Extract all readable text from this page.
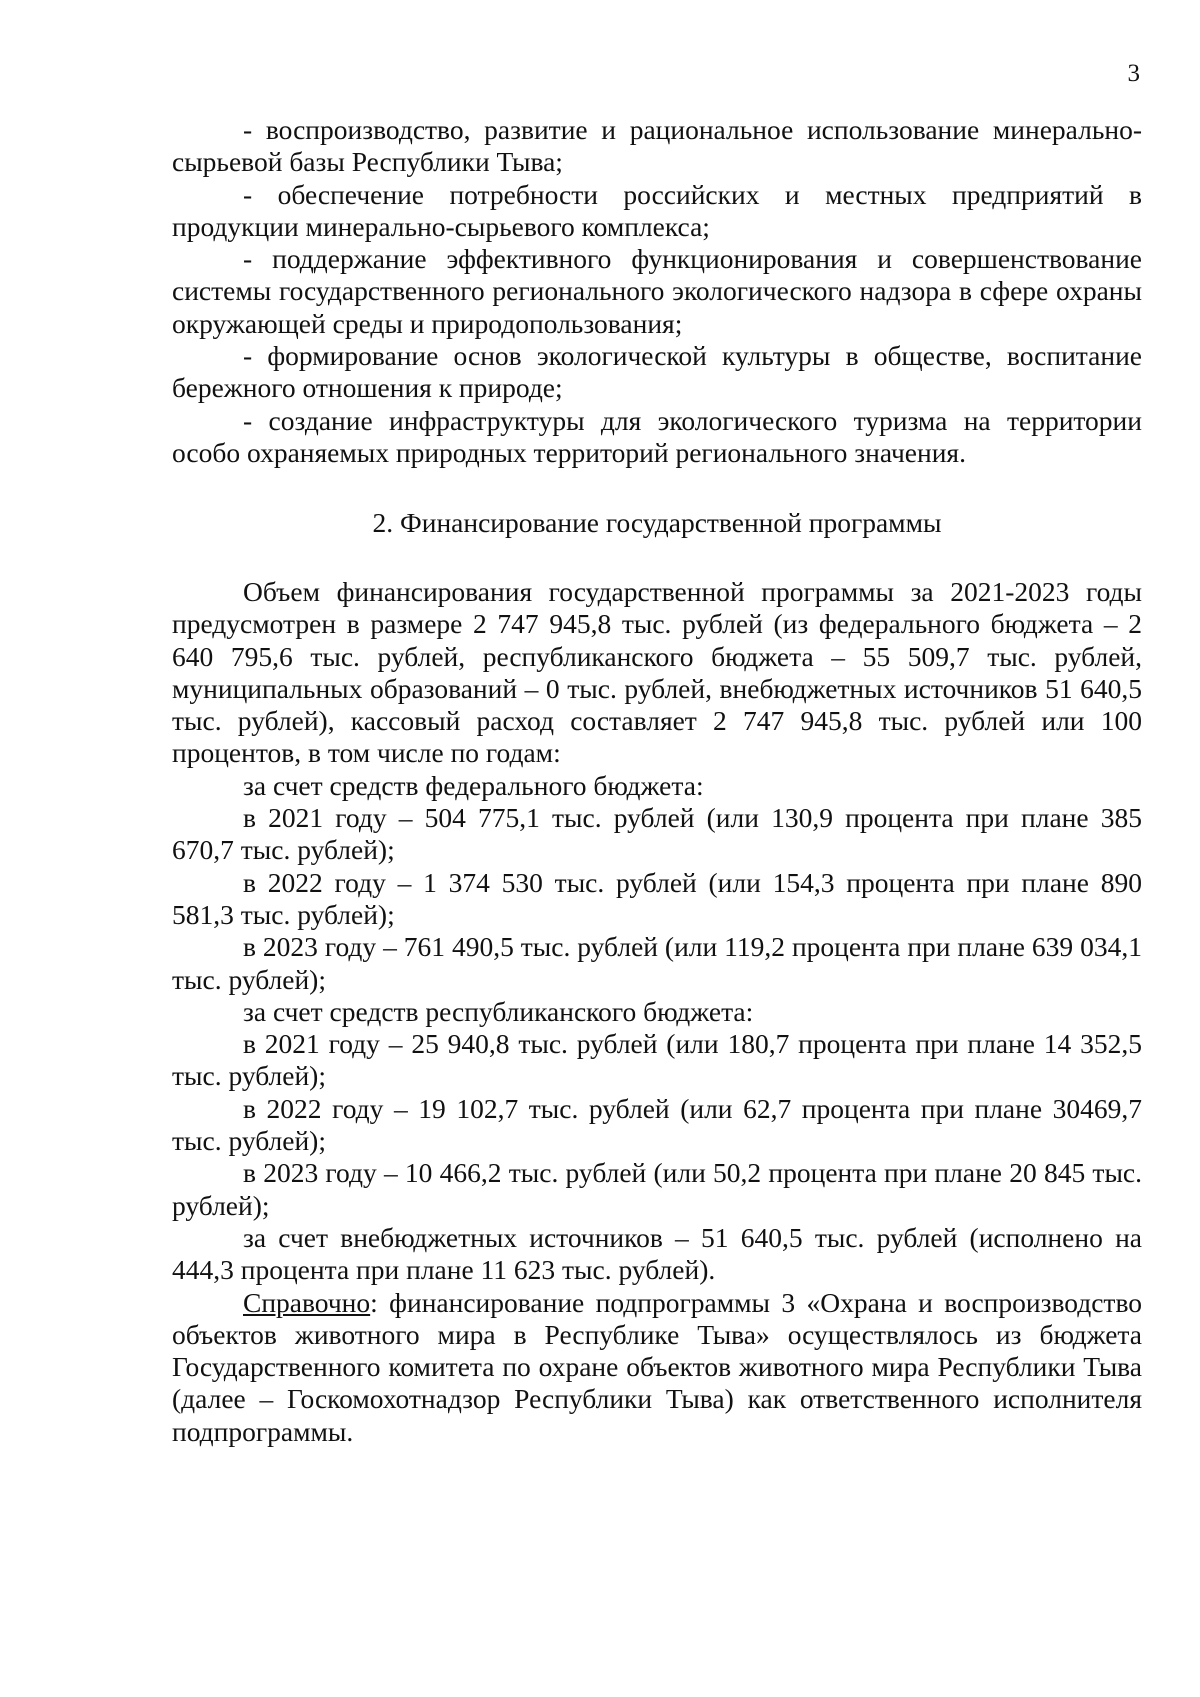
3

- воспроизводство, развитие и рациональное использование минерально-сырьевой базы Республики Тыва;

- обеспечение потребности российских и местных предприятий в продукции минерально-сырьевого комплекса;

- поддержание эффективного функционирования и совершенствование системы государственного регионального экологического надзора в сфере охраны окружающей среды и природопользования;

- формирование основ экологической культуры в обществе, воспитание бережного отношения к природе;

- создание инфраструктуры для экологического туризма на территории особо охраняемых природных территорий регионального значения.

2. Финансирование государственной программы

Объем финансирования государственной программы за 2021-2023 годы предусмотрен в размере 2 747 945,8 тыс. рублей (из федерального бюджета – 2 640 795,6 тыс. рублей, республиканского бюджета – 55 509,7 тыс. рублей, муниципальных образований – 0 тыс. рублей, внебюджетных источников 51 640,5 тыс. рублей), кассовый расход составляет 2 747 945,8 тыс. рублей или 100 процентов, в том числе по годам:

за счет средств федерального бюджета:

в 2021 году – 504 775,1 тыс. рублей (или 130,9 процента при плане 385 670,7 тыс. рублей);

в 2022 году – 1 374 530 тыс. рублей (или 154,3 процента при плане 890 581,3 тыс. рублей);

в 2023 году – 761 490,5 тыс. рублей (или 119,2 процента при плане 639 034,1 тыс. рублей);

за счет средств республиканского бюджета:

в 2021 году – 25 940,8 тыс. рублей (или 180,7 процента при плане 14 352,5 тыс. рублей);

в 2022 году – 19 102,7 тыс. рублей (или 62,7 процента при плане 30469,7 тыс. рублей);

в 2023 году – 10 466,2 тыс. рублей (или 50,2 процента при плане 20 845 тыс. рублей);

за счет внебюджетных источников – 51 640,5 тыс. рублей (исполнено на 444,3 процента при плане 11 623 тыс. рублей).

Справочно: финансирование подпрограммы 3 «Охрана и воспроизводство объектов животного мира в Республике Тыва» осуществлялось из бюджета Государственного комитета по охране объектов животного мира Республики Тыва (далее – Госкомохотнадзор Республики Тыва) как ответственного исполнителя подпрограммы.
